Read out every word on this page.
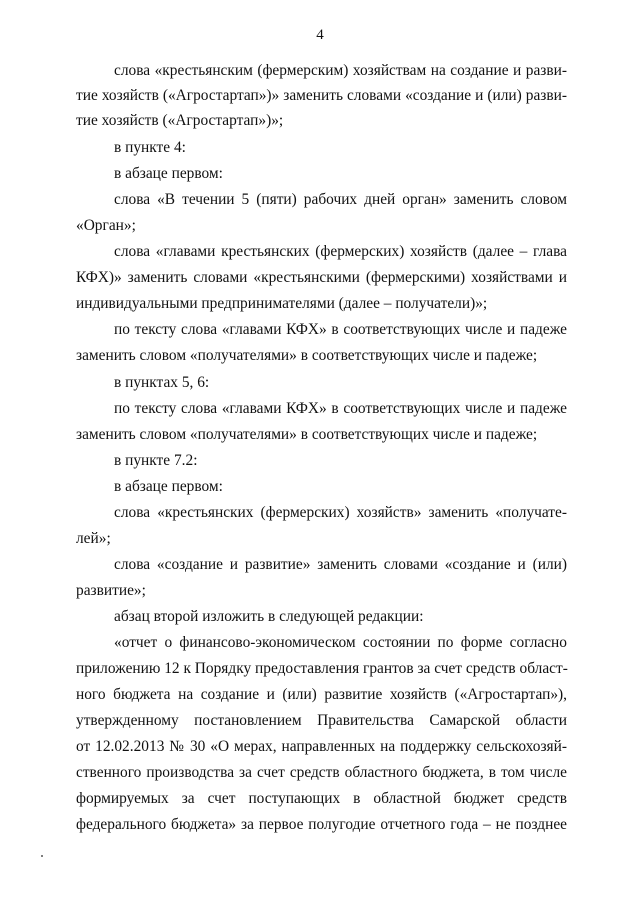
4
слова «крестьянским (фермерским) хозяйствам на создание и разви-
тие хозяйств («Агростартап»)» заменить словами «создание и (или) разви-
тие хозяйств («Агростартап»)»;
в пункте 4:
в абзаце первом:
слова «В течении 5 (пяти) рабочих дней орган» заменить словом
«Орган»;
слова «главами крестьянских (фермерских) хозяйств (далее – глава
КФХ)» заменить словами «крестьянскими (фермерскими) хозяйствами и
индивидуальными предпринимателями (далее – получатели)»;
по тексту слова «главами КФХ» в соответствующих числе и падеже
заменить словом «получателями» в соответствующих числе и падеже;
в пунктах 5, 6:
по тексту слова «главами КФХ» в соответствующих числе и падеже
заменить словом «получателями» в соответствующих числе и падеже;
в пункте 7.2:
в абзаце первом:
слова «крестьянских (фермерских) хозяйств» заменить «получате-
лей»;
слова «создание и развитие» заменить словами «создание и (или)
развитие»;
абзац второй изложить в следующей редакции:
«отчет о финансово-экономическом состоянии по форме согласно
приложению 12 к Порядку предоставления грантов за счет средств област-
ного бюджета на создание и (или) развитие хозяйств («Агростартап»),
утвержденному постановлением Правительства Самарской области
от 12.02.2013 № 30 «О мерах, направленных на поддержку сельскохозяй-
ственного производства за счет средств областного бюджета, в том числе
формируемых за счет поступающих в областной бюджет средств
федерального бюджета» за первое полугодие отчетного года – не позднее
